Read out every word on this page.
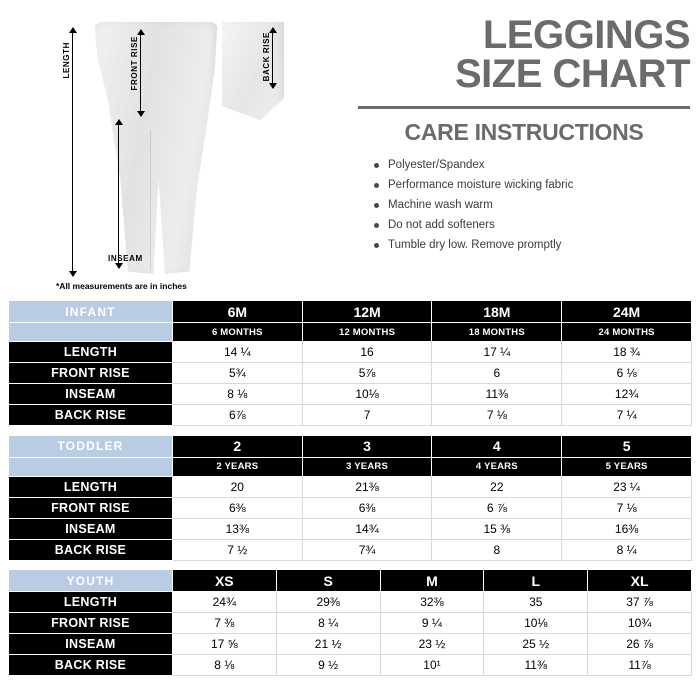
LENGTH	FRONT RISE	BACK RISE
INSEAM
*All measurements are in inches
LEGGINGS
SIZE CHART
CARE INSTRUCTIONS
Polyester/Spandex
Performance moisture wicking fabric
Machine wash warm
Do not add softeners
Tumble dry low. Remove promptly
INFANT	6M	12M	18M	24M
	6 MONTHS	12 MONTHS	18 MONTHS	24 MONTHS
LENGTH	14 ¼	16	17 ¼	18 ¾
FRONT RISE	5¾	5⅞	6	6 ⅛
INSEAM	8 ⅛	10⅛	11⅜	12¾
BACK RISE	6⅞	7	7 ⅛	7 ¼

TODDLER	2	3	4	5
	2 YEARS	3 YEARS	4 YEARS	5 YEARS
LENGTH	20	21⅜	22	23 ¼
FRONT RISE	6⅜	6⅜	6 ⅞	7 ⅛
INSEAM	13⅜	14¾	15 ⅜	16⅜
BACK RISE	7 ½	7¾	8	8 ¼

YOUTH	XS	S	M	L	XL
LENGTH	24¾	29⅜	32⅜	35	37 ⅞
FRONT RISE	7 ⅜	8 ¼	9 ¼	10⅛	10¾
INSEAM	17 ⅝	21 ½	23 ½	25 ½	26 ⅞
BACK RISE	8 ⅛	9 ½	10¹	11⅜	11⅞
